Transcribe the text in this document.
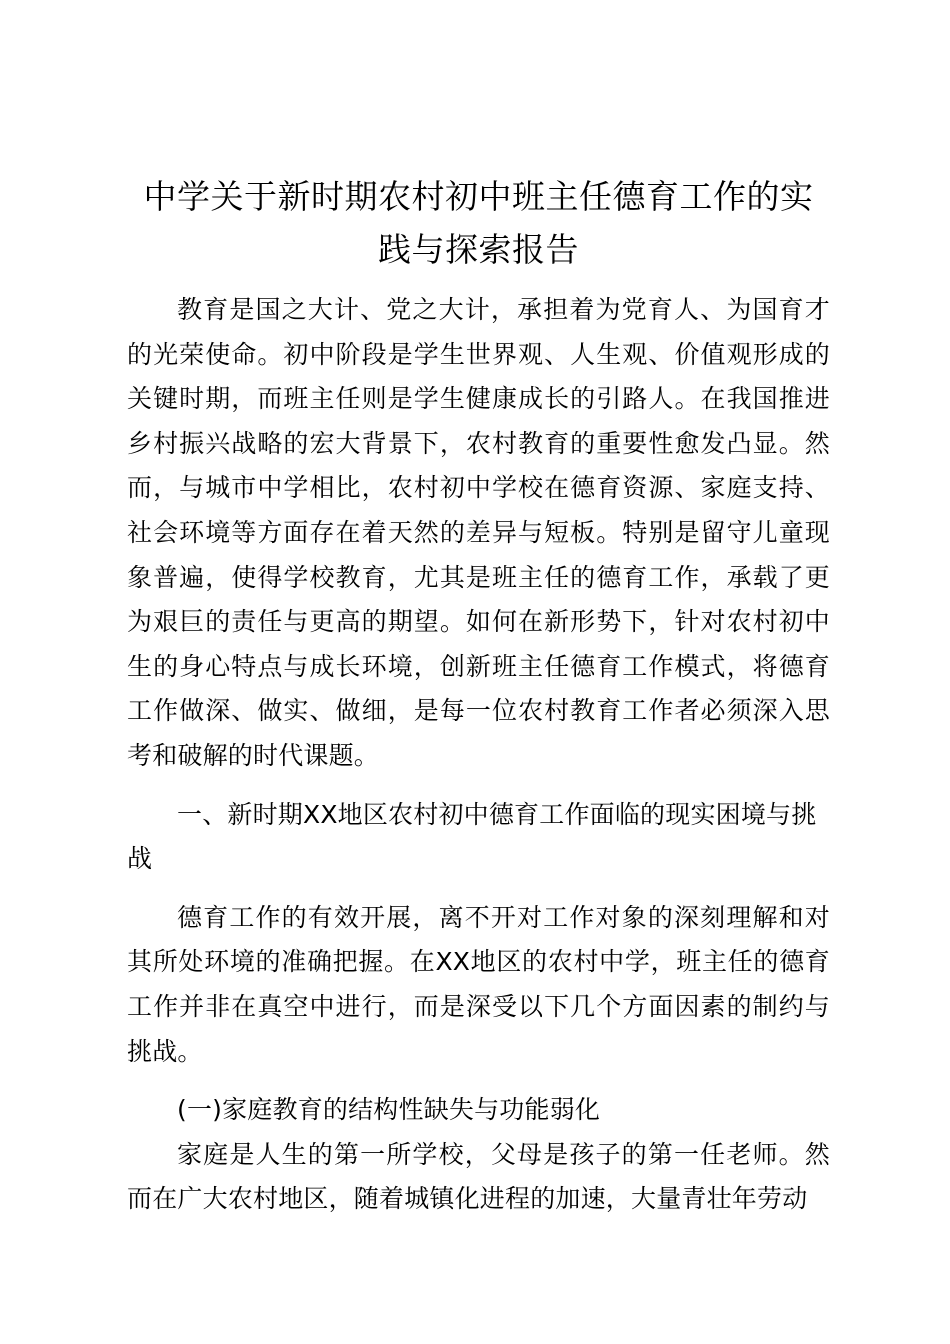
中学关于新时期农村初中班主任德育工作的实践与探索报告

教育是国之大计、党之大计，承担着为党育人、为国育才的光荣使命。初中阶段是学生世界观、人生观、价值观形成的关键时期，而班主任则是学生健康成长的引路人。在我国推进乡村振兴战略的宏大背景下，农村教育的重要性愈发凸显。然而，与城市中学相比，农村初中学校在德育资源、家庭支持、社会环境等方面存在着天然的差异与短板。特别是留守儿童现象普遍，使得学校教育，尤其是班主任的德育工作，承载了更为艰巨的责任与更高的期望。如何在新形势下，针对农村初中生的身心特点与成长环境，创新班主任德育工作模式，将德育工作做深、做实、做细，是每一位农村教育工作者必须深入思考和破解的时代课题。

一、新时期XX地区农村初中德育工作面临的现实困境与挑战

德育工作的有效开展，离不开对工作对象的深刻理解和对其所处环境的准确把握。在XX地区的农村中学，班主任的德育工作并非在真空中进行，而是深受以下几个方面因素的制约与挑战。

(一)家庭教育的结构性缺失与功能弱化

家庭是人生的第一所学校，父母是孩子的第一任老师。然而在广大农村地区，随着城镇化进程的加速，大量青壮年劳动
